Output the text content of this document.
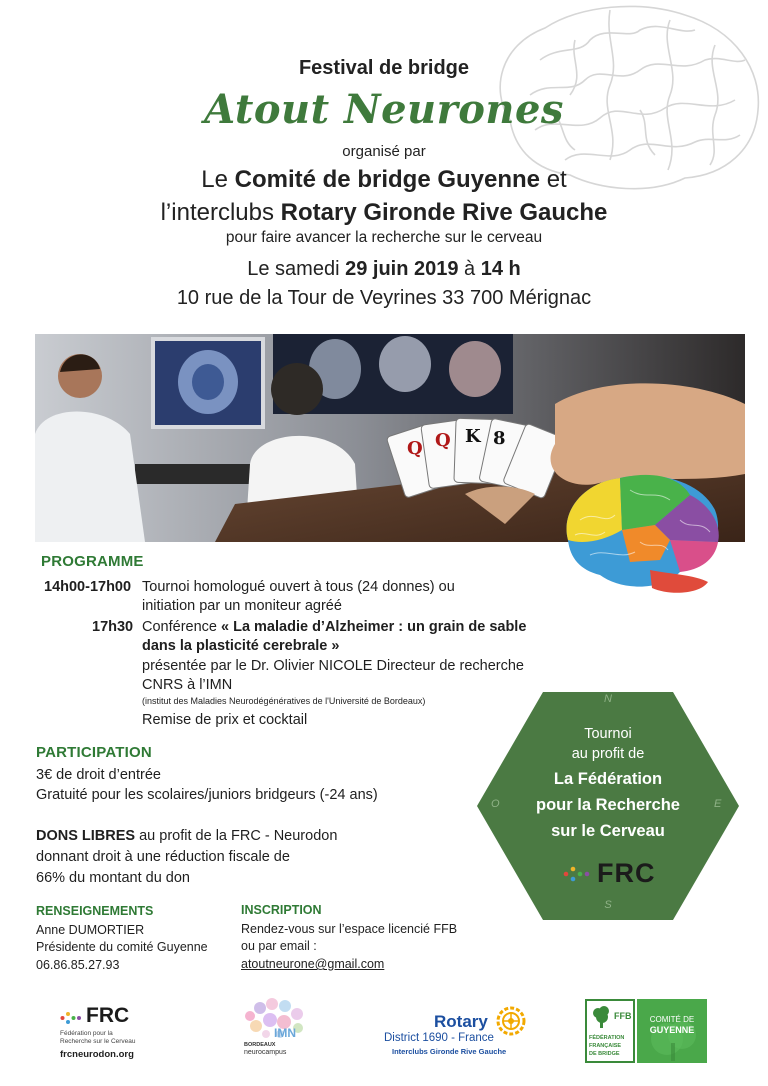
Festival de bridge
Atout Neurones
organisé par
Le Comité de bridge Guyenne et
l’interclubs Rotary Gironde Rive Gauche
pour faire avancer la recherche sur le cerveau
Le samedi 29 juin 2019 à 14 h
10 rue de la Tour de Veyrines 33 700 Mérignac
Q Q K 8
PROGRAMME
14h00-17h00 Tournoi homologué ouvert à tous (24 donnes) ou
initiation par un moniteur agréé
17h30 Conférence « La maladie d’Alzheimer : un grain de sable
dans la plasticité cerebrale »
présentée par le Dr. Olivier NICOLE Directeur de recherche
CNRS à l’IMN
(institut des Maladies Neurodégénératives de l'Université de Bordeaux)
Remise de prix et cocktail
PARTICIPATION
3€ de droit d’entrée
Gratuité pour les scolaires/juniors bridgeurs (-24 ans)
DONS LIBRES au profit de la FRC - Neurodon
donnant droit à une réduction fiscale de
66% du montant du don
RENSEIGNEMENTS
Anne DUMORTIER
Présidente du comité Guyenne
06.86.85.27.93
INSCRIPTION
Rendez-vous sur l’espace licencié FFB
ou par email :
atoutneurone@gmail.com
N
S
O	E
Tournoi
au profit de
La Fédération
pour la Recherche
sur le Cerveau
FRC
FRC
Fédération pour la
Recherche sur le Cerveau
frcneurodon.org
IMN
BORDEAUX
neurocampus
Rotary
District 1690 - France
Interclubs Gironde Rive Gauche
FFB
FÉDÉRATION
FRANÇAISE
DE BRIDGE
COMITÉ DE
GUYENNE
